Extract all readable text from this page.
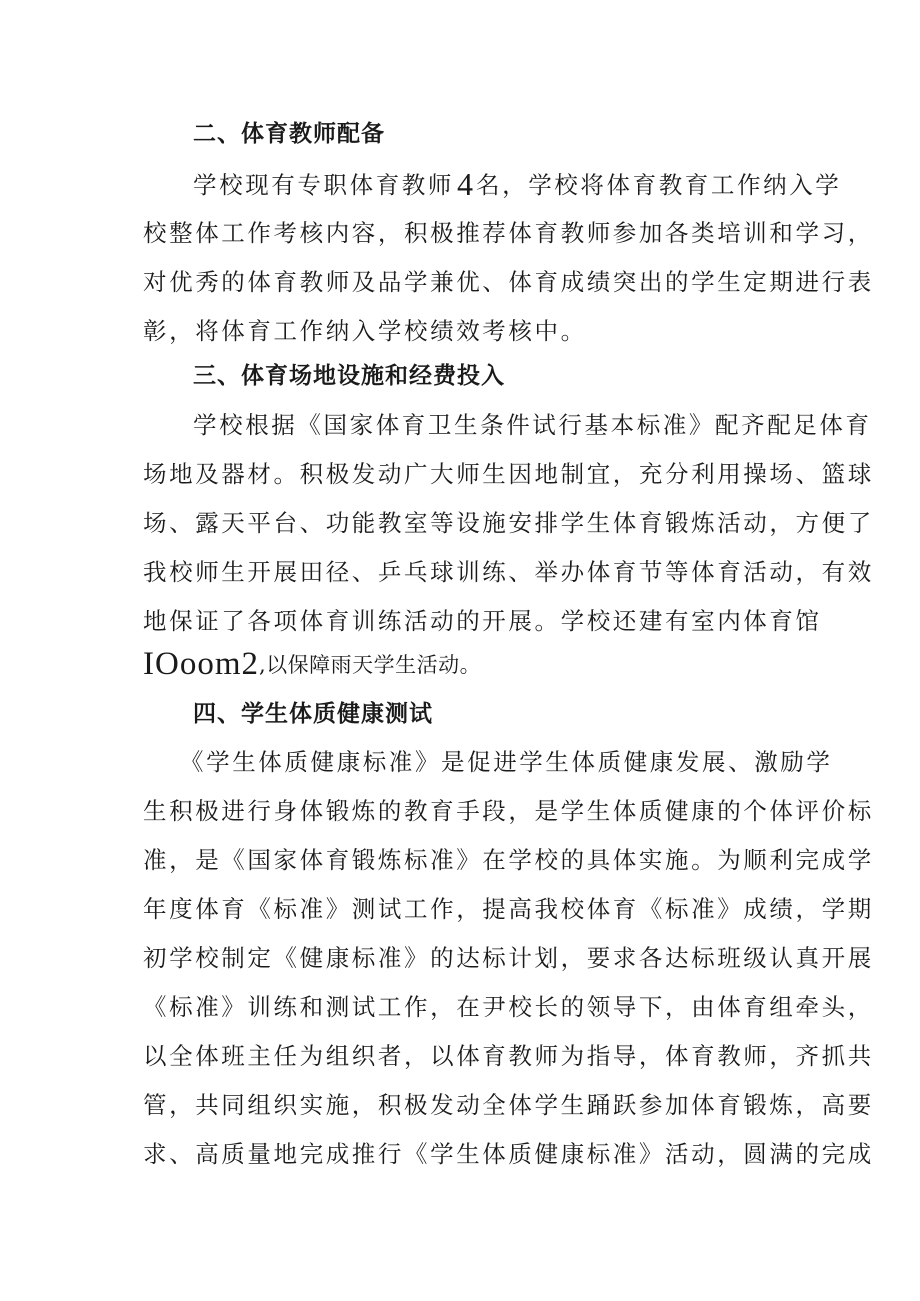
二、体育教师配备
学校现有专职体育教师4 名，学校将体育教育工作纳入学
校整体工作考核内容，积极推荐体育教师参加各类培训和学习，
对优秀的体育教师及品学兼优、体育成绩突出的学生定期进行表
彰，将体育工作纳入学校绩效考核中。
三、体育场地设施和经费投入
学校根据《国家体育卫生条件试行基本标准》配齐配足体育
场地及器材。积极发动广大师生因地制宜，充分利用操场、篮球
场、露天平台、功能教室等设施安排学生体育锻炼活动，方便了
我校师生开展田径、乒乓球训练、举办体育节等体育活动，有效
地保证了各项体育训练活动的开展。学校还建有室内体育馆
IOoom2,以保障雨天学生活动。
四、学生体质健康测试
《学生体质健康标准》是促进学生体质健康发展、激励学
生积极进行身体锻炼的教育手段，是学生体质健康的个体评价标
准，是《国家体育锻炼标准》在学校的具体实施。为顺利完成学
年度体育《标准》测试工作，提高我校体育《标准》成绩，学期
初学校制定《健康标准》的达标计划，要求各达标班级认真开展
《标准》训练和测试工作，在尹校长的领导下，由体育组牵头，
以全体班主任为组织者，以体育教师为指导，体育教师，齐抓共
管，共同组织实施，积极发动全体学生踊跃参加体育锻炼，高要
求、高质量地完成推行《学生体质健康标准》活动，圆满的完成
